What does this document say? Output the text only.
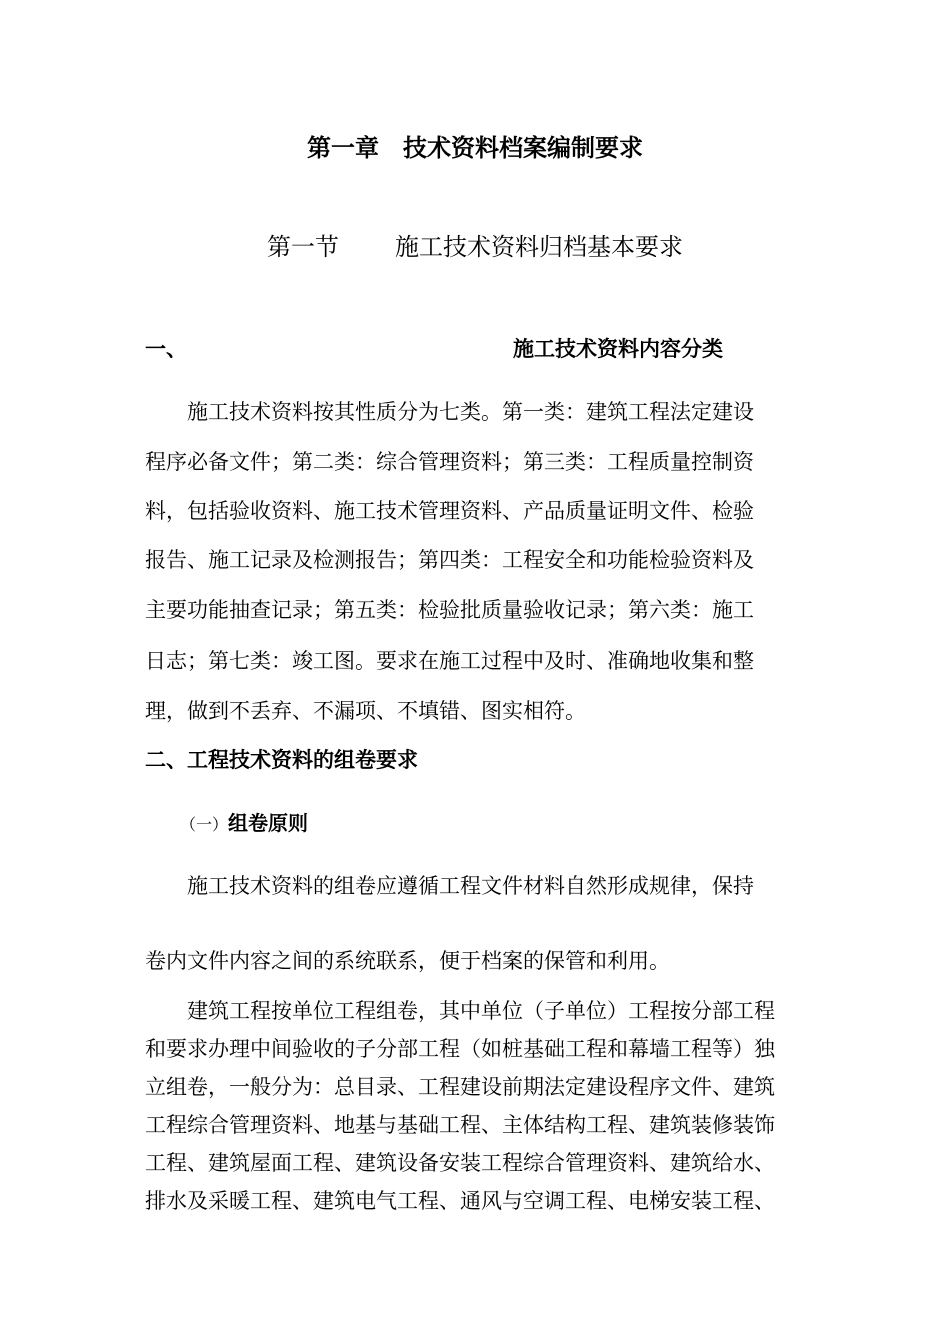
第一章 技术资料档案编制要求
第一节 施工技术资料归档基本要求
一、	施工技术资料内容分类
施工技术资料按其性质分为七类。第一类：建筑工程法定建设
程序必备文件；第二类：综合管理资料；第三类：工程质量控制资
料，包括验收资料、施工技术管理资料、产品质量证明文件、检验
报告、施工记录及检测报告；第四类：工程安全和功能检验资料及
主要功能抽查记录；第五类：检验批质量验收记录；第六类：施工
日志；第七类：竣工图。要求在施工过程中及时、准确地收集和整
理，做到不丢弃、不漏项、不填错、图实相符。
二、工程技术资料的组卷要求
（一）组卷原则
施工技术资料的组卷应遵循工程文件材料自然形成规律，保持
卷内文件内容之间的系统联系，便于档案的保管和利用。
建筑工程按单位工程组卷，其中单位（子单位）工程按分部工程
和要求办理中间验收的子分部工程（如桩基础工程和幕墙工程等）独
立组卷，一般分为：总目录、工程建设前期法定建设程序文件、建筑
工程综合管理资料、地基与基础工程、主体结构工程、建筑装修装饰
工程、建筑屋面工程、建筑设备安装工程综合管理资料、建筑给水、
排水及采暖工程、建筑电气工程、通风与空调工程、电梯安装工程、
